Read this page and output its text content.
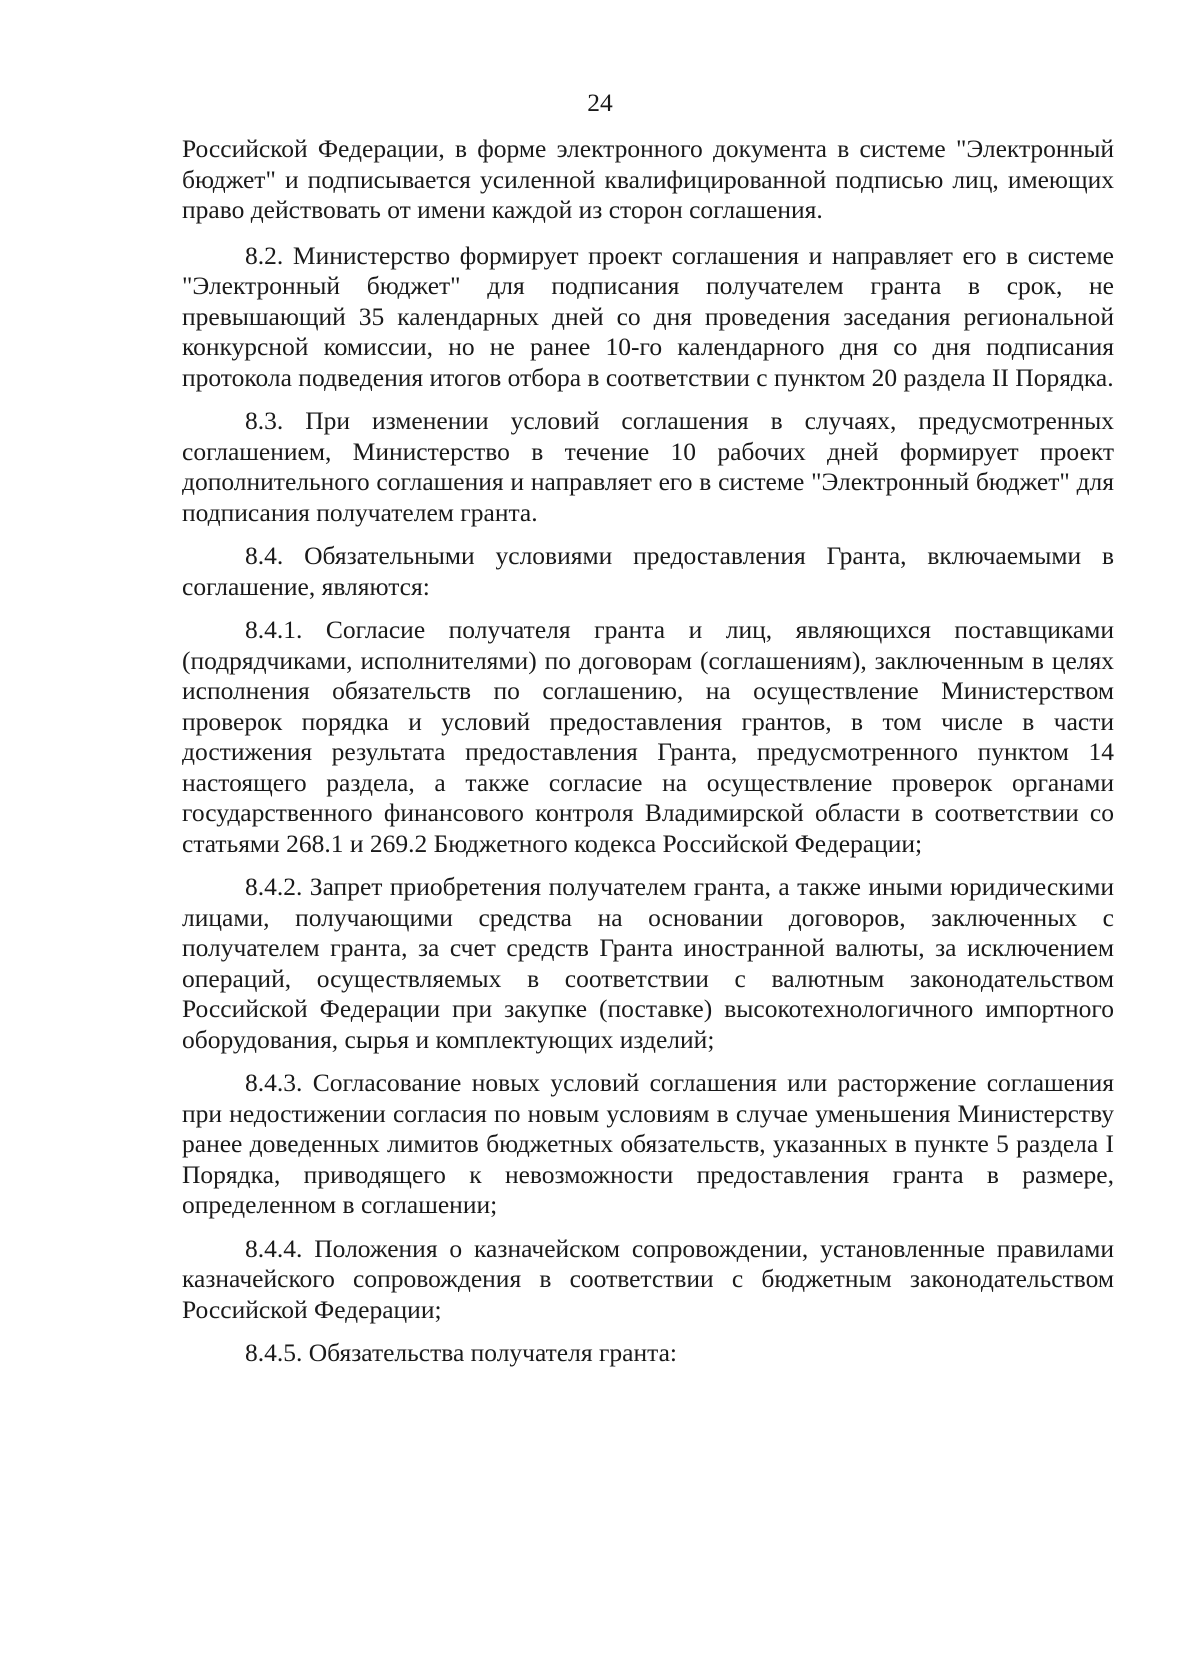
24

Российской Федерации, в форме электронного документа в системе "Электронный бюджет" и подписывается усиленной квалифицированной подписью лиц, имеющих право действовать от имени каждой из сторон соглашения.

8.2. Министерство формирует проект соглашения и направляет его в системе "Электронный бюджет" для подписания получателем гранта в срок, не превышающий 35 календарных дней со дня проведения заседания региональной конкурсной комиссии, но не ранее 10-го календарного дня со дня подписания протокола подведения итогов отбора в соответствии с пунктом 20 раздела II Порядка.

8.3. При изменении условий соглашения в случаях, предусмотренных соглашением, Министерство в течение 10 рабочих дней формирует проект дополнительного соглашения и направляет его в системе "Электронный бюджет" для подписания получателем гранта.

8.4. Обязательными условиями предоставления Гранта, включаемыми в соглашение, являются:

8.4.1. Согласие получателя гранта и лиц, являющихся поставщиками (подрядчиками, исполнителями) по договорам (соглашениям), заключенным в целях исполнения обязательств по соглашению, на осуществление Министерством проверок порядка и условий предоставления грантов, в том числе в части достижения результата предоставления Гранта, предусмотренного пунктом 14 настоящего раздела, а также согласие на осуществление проверок органами государственного финансового контроля Владимирской области в соответствии со статьями 268.1 и 269.2 Бюджетного кодекса Российской Федерации;

8.4.2. Запрет приобретения получателем гранта, а также иными юридическими лицами, получающими средства на основании договоров, заключенных с получателем гранта, за счет средств Гранта иностранной валюты, за исключением операций, осуществляемых в соответствии с валютным законодательством Российской Федерации при закупке (поставке) высокотехнологичного импортного оборудования, сырья и комплектующих изделий;

8.4.3. Согласование новых условий соглашения или расторжение соглашения при недостижении согласия по новым условиям в случае уменьшения Министерству ранее доведенных лимитов бюджетных обязательств, указанных в пункте 5 раздела I Порядка, приводящего к невозможности предоставления гранта в размере, определенном в соглашении;

8.4.4. Положения о казначейском сопровождении, установленные правилами казначейского сопровождения в соответствии с бюджетным законодательством Российской Федерации;

8.4.5. Обязательства получателя гранта:
